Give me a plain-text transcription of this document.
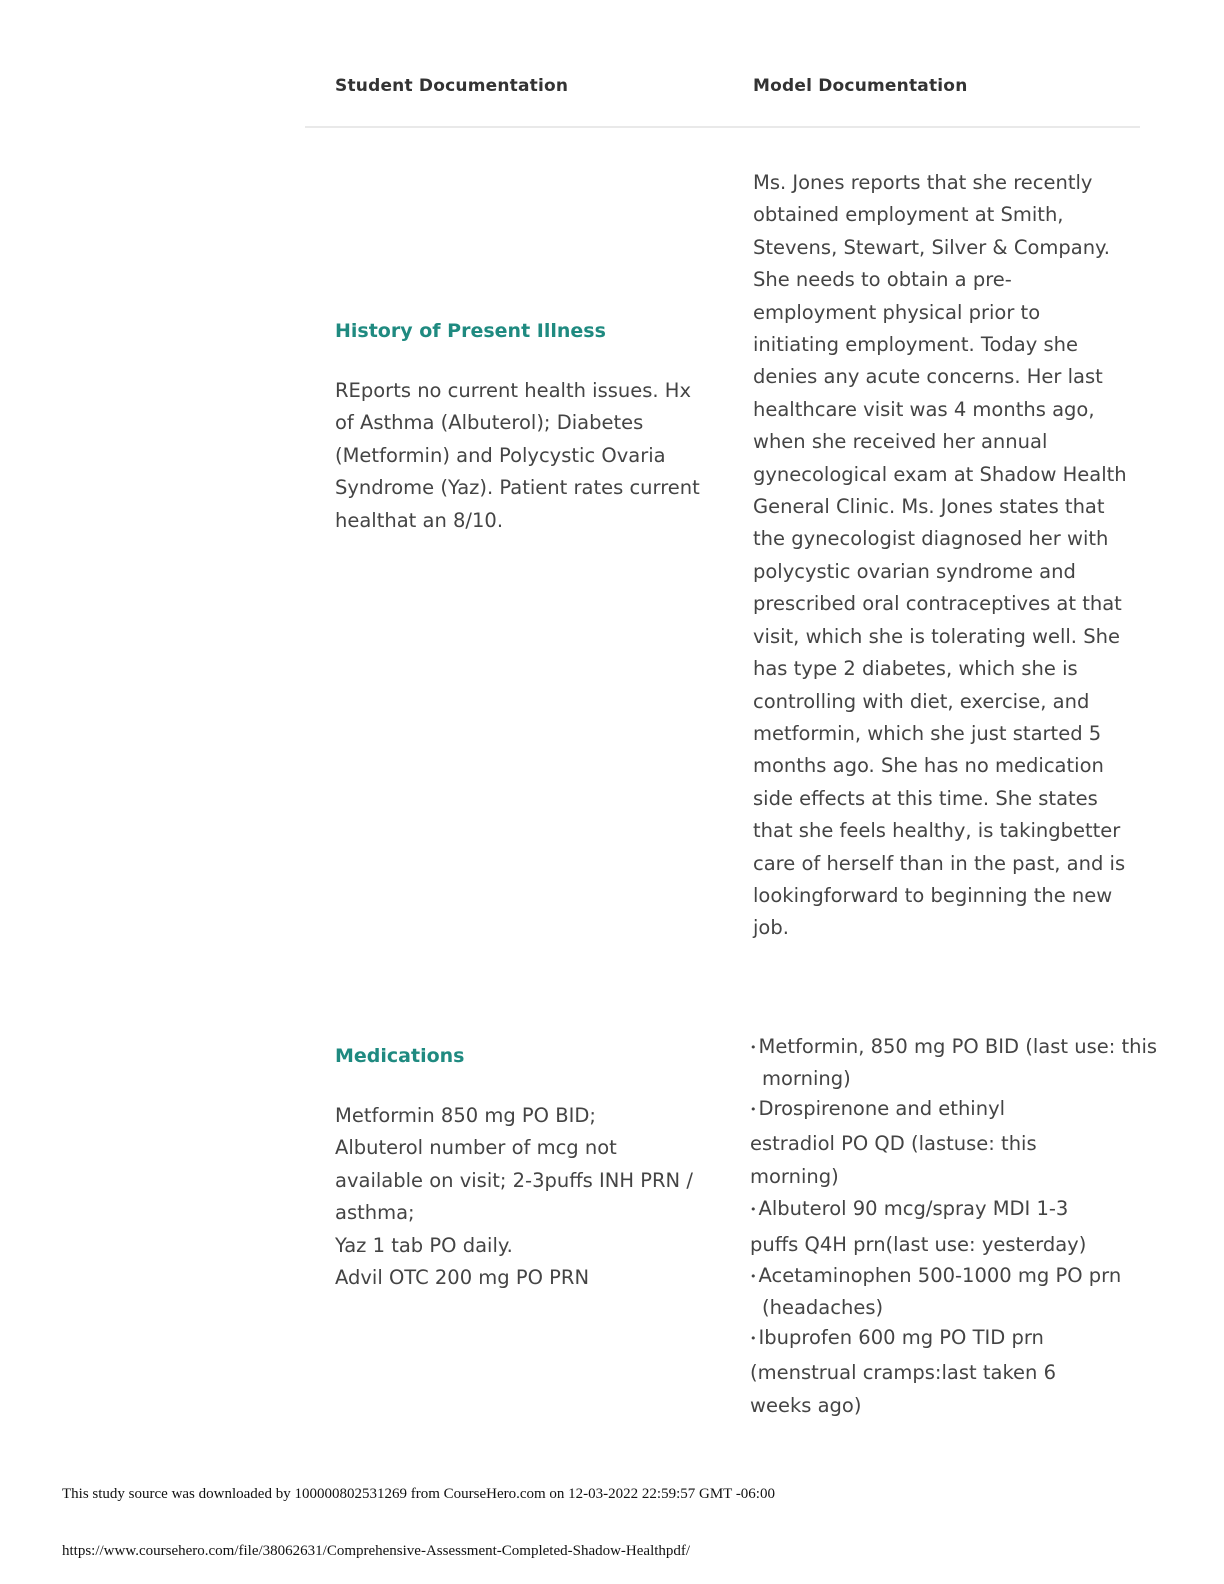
Student Documentation	Model Documentation
History of Present Illness

REports no current health issues. Hx of Asthma (Albuterol); Diabetes (Metformin) and Polycystic Ovaria Syndrome (Yaz). Patient rates current healthat an 8/10.

Ms. Jones reports that she recently obtained employment at Smith, Stevens, Stewart, Silver & Company. She needs to obtain a pre-employment physical prior to initiating employment. Today she denies any acute concerns. Her last healthcare visit was 4 months ago, when she received her annual gynecological exam at Shadow Health General Clinic. Ms. Jones states that the gynecologist diagnosed her with polycystic ovarian syndrome and prescribed oral contraceptives at that visit, which she is tolerating well. She has type 2 diabetes, which she is controlling with diet, exercise, and metformin, which she just started 5 months ago. She has no medication side effects at this time. She states that she feels healthy, is takingbetter care of herself than in the past, and is lookingforward to beginning the new job.

Medications

Metformin 850 mg PO BID;

Albuterol number of mcg not available on visit; 2-3puffs INH PRN / asthma;

Yaz 1 tab PO daily.

Advil OTC 200 mg PO PRN

• Metformin, 850 mg PO BID (last use: this morning)
• Drospirenone and ethinyl estradiol PO QD (lastuse: this morning)
• Albuterol 90 mcg/spray MDI 1-3 puffs Q4H prn(last use: yesterday)
• Acetaminophen 500-1000 mg PO prn (headaches)
• Ibuprofen 600 mg PO TID prn (menstrual cramps:last taken 6 weeks ago)
This study source was downloaded by 100000802531269 from CourseHero.com on 12-03-2022 22:59:57 GMT -06:00
https://www.coursehero.com/file/38062631/Comprehensive-Assessment-Completed-Shadow-Healthpdf/
